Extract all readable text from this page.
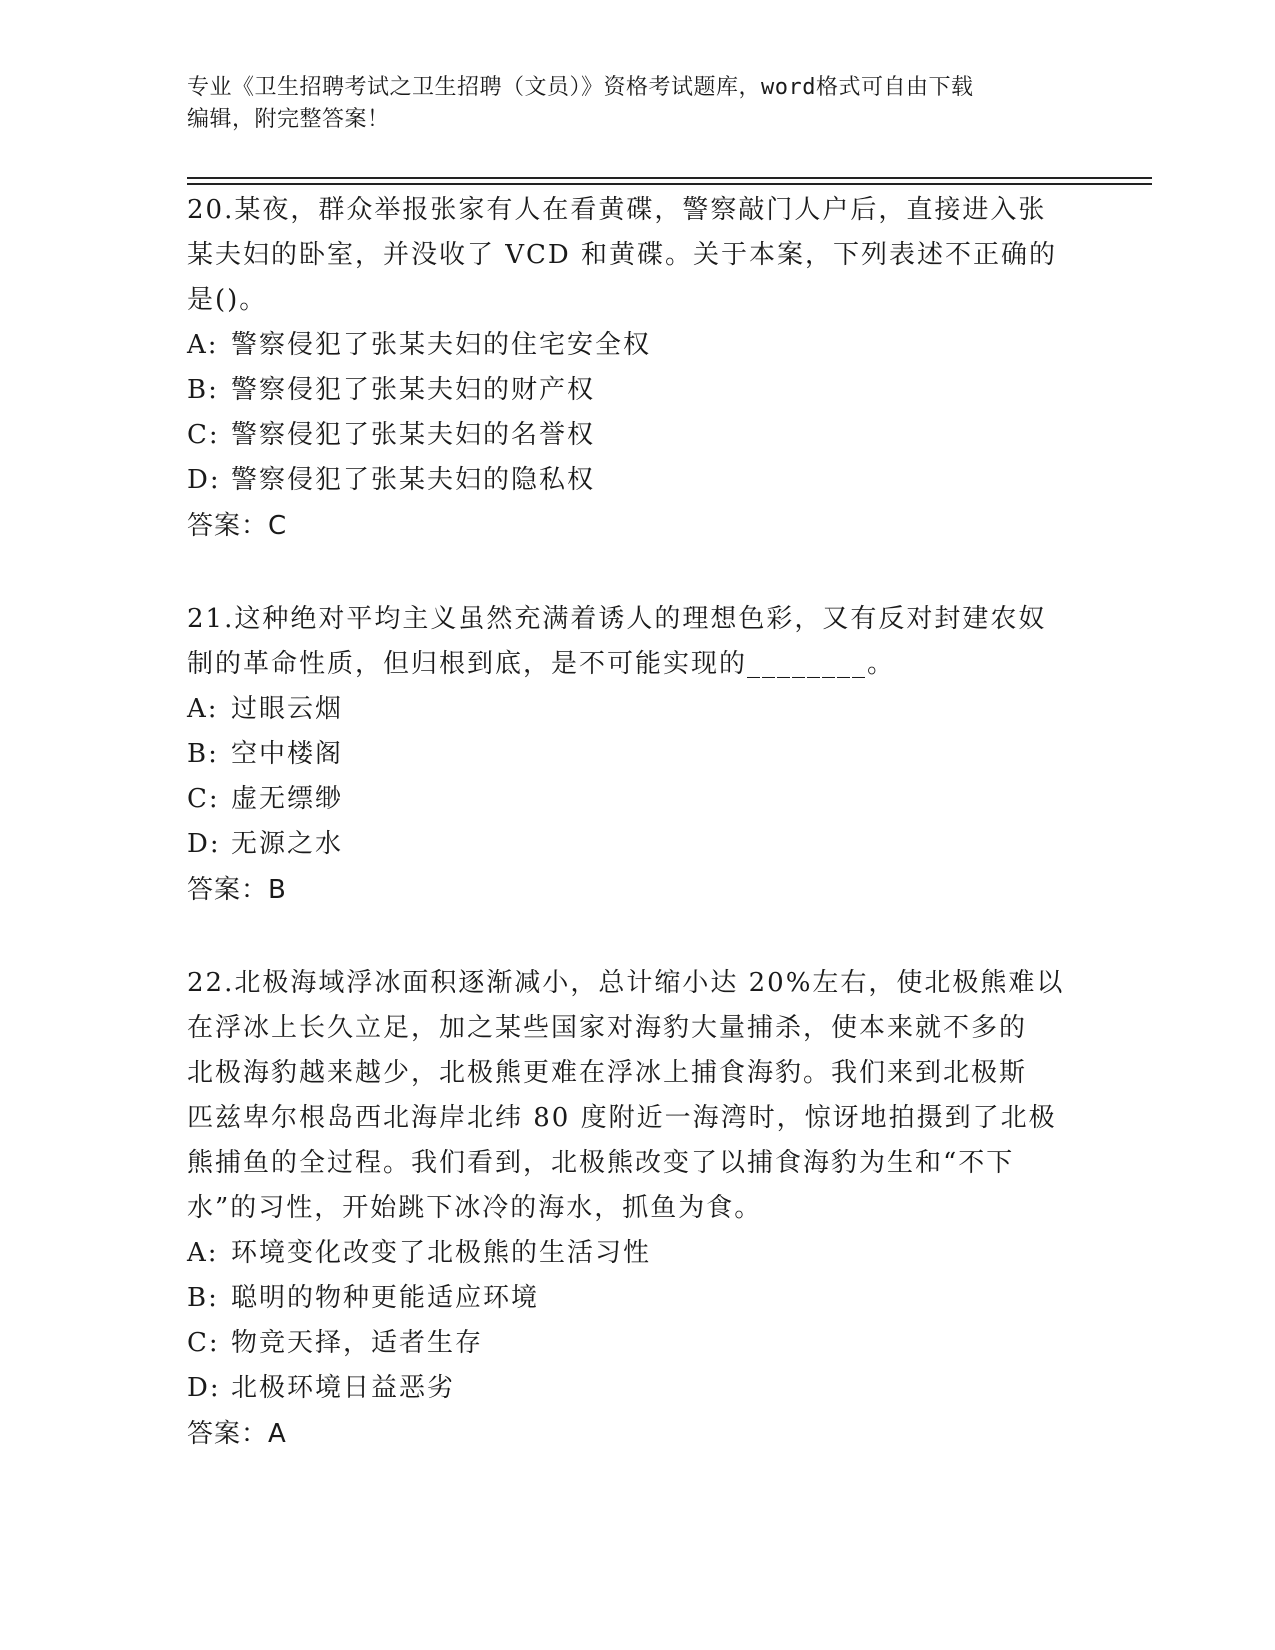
专业《卫生招聘考试之卫生招聘（文员）》资格考试题库，word格式可自由下载
编辑，附完整答案！
20.某夜，群众举报张家有人在看黄碟，警察敲门人户后，直接进入张
某夫妇的卧室，并没收了 VCD 和黄碟。关于本案，下列表述不正确的
是()。
A: 警察侵犯了张某夫妇的住宅安全权
B: 警察侵犯了张某夫妇的财产权
C: 警察侵犯了张某夫妇的名誉权
D: 警察侵犯了张某夫妇的隐私权
答案：C
21.这种绝对平均主义虽然充满着诱人的理想色彩，又有反对封建农奴
制的革命性质，但归根到底，是不可能实现的________。
A: 过眼云烟
B: 空中楼阁
C: 虚无缥缈
D: 无源之水
答案：B
22.北极海域浮冰面积逐渐减小，总计缩小达 20%左右，使北极熊难以
在浮冰上长久立足，加之某些国家对海豹大量捕杀，使本来就不多的
北极海豹越来越少，北极熊更难在浮冰上捕食海豹。我们来到北极斯
匹兹卑尔根岛西北海岸北纬 80 度附近一海湾时，惊讶地拍摄到了北极
熊捕鱼的全过程。我们看到，北极熊改变了以捕食海豹为生和“不下
水”的习性，开始跳下冰冷的海水，抓鱼为食。
A: 环境变化改变了北极熊的生活习性
B: 聪明的物种更能适应环境
C: 物竞天择，适者生存
D: 北极环境日益恶劣
答案：A
